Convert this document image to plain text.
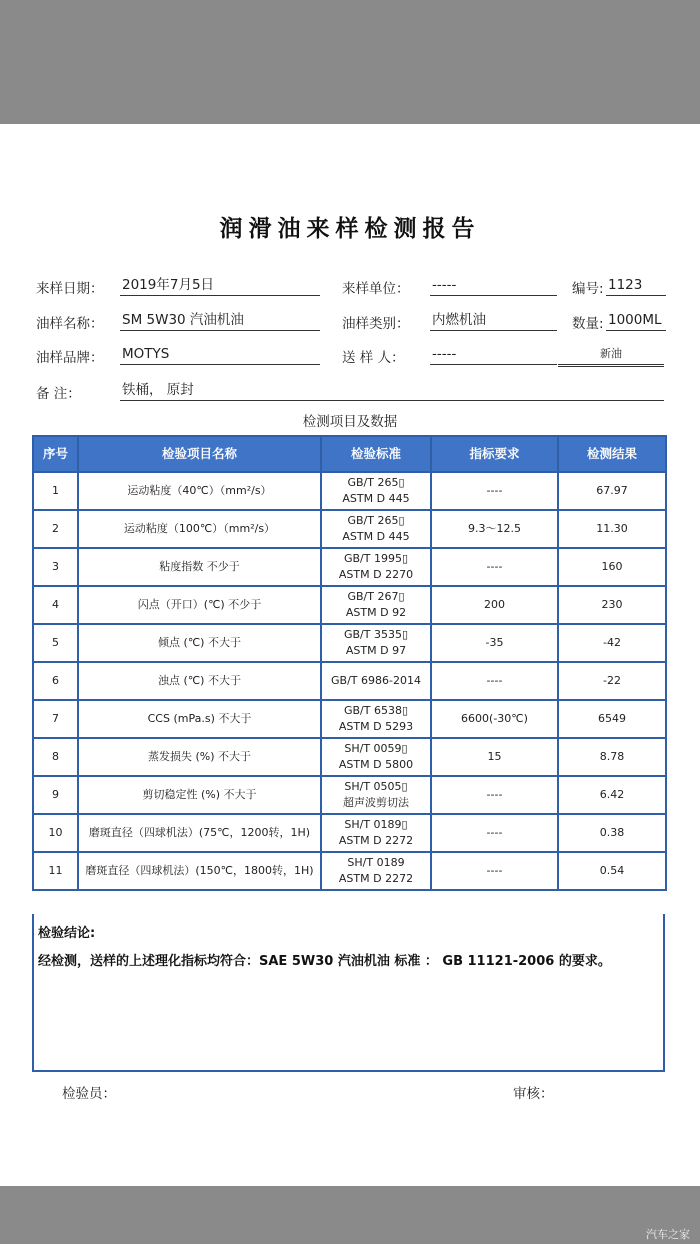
润滑油来样检测报告
来样日期： 2019年7月5日	来样单位： -----	编号: 1123
油样名称： SM 5W30 汽油机油	油样类别： 内燃机油	数量: 1000ML
油样品牌： MOTYS	送 样 人： -----	新油
备 注：	铁桶， 原封
检测项目及数据
序号	检验项目名称	检验标准	指标要求	检测结果
1	运动粘度（40℃）（mm²/s）	GB/T 265▯
ASTM D 445	----	67.97
2	运动粘度（100℃）（mm²/s）	GB/T 265▯
ASTM D 445	9.3～12.5	11.30
3	粘度指数 不少于	GB/T 1995▯
ASTM D 2270	----	160
4	闪点（开口）(℃) 不少于	GB/T 267▯
ASTM D 92	200	230
5	倾点 (℃) 不大于	GB/T 3535▯
ASTM D 97	-35	-42
6	浊点 (℃) 不大于	GB/T 6986-2014	----	-22
7	CCS (mPa.s) 不大于	GB/T 6538▯
ASTM D 5293	6600(-30℃)	6549
8	蒸发损失 (%) 不大于	SH/T 0059▯
ASTM D 5800	15	8.78
9	剪切稳定性 (%) 不大于	SH/T 0505▯
超声波剪切法	----	6.42
10	磨斑直径（四球机法）(75℃，1200转，1H)	SH/T 0189▯
ASTM D 2272	----	0.38
11	磨斑直径（四球机法）(150℃，1800转，1H)	SH/T 0189
ASTM D 2272	----	0.54
检验结论:
经检测，送样的上述理化指标均符合：SAE 5W30 汽油机油 标准 ： GB 11121-2006 的要求。
检验员：	审核：
汽车之家
